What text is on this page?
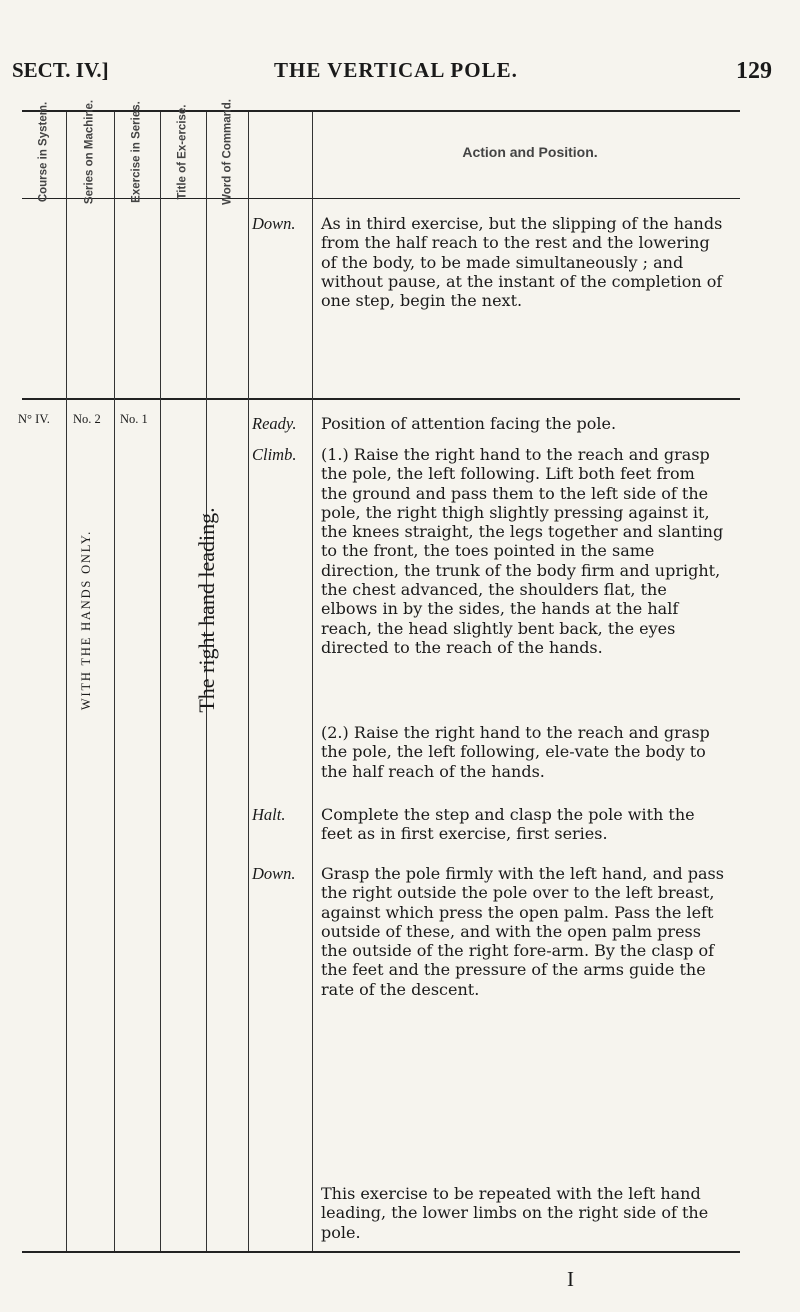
SECT. IV.]	THE VERTICAL POLE.	129
Course in System.	Series on Machine.	Exercise in Series.	Title of Ex-ercise.	Word of Command.	Action and Position.
Down. As in third exercise, but the slipping of the hands from the half reach to the rest and the lowering of the body, to be made simultaneously ; and without pause, at the instant of the completion of one step, begin the next.
N° IV. No. 2 No. 1
WITH THE HANDS ONLY.	The right hand leading.
Ready. Position of attention facing the pole.
Climb. (1.) Raise the right hand to the reach and grasp the pole, the left following. Lift both feet from the ground and pass them to the left side of the pole, the right thigh slightly pressing against it, the knees straight, the legs together and slanting to the front, the toes pointed in the same direction, the trunk of the body firm and upright, the chest advanced, the shoulders flat, the elbows in by the sides, the hands at the half reach, the head slightly bent back, the eyes directed to the reach of the hands.
(2.) Raise the right hand to the reach and grasp the pole, the left following, ele-vate the body to the half reach of the hands.
Halt. Complete the step and clasp the pole with the feet as in first exercise, first series.
Down. Grasp the pole firmly with the left hand, and pass the right outside the pole over to the left breast, against which press the open palm. Pass the left outside of these, and with the open palm press the outside of the right fore-arm. By the clasp of the feet and the pressure of the arms guide the rate of the descent.
This exercise to be repeated with the left hand leading, the lower limbs on the right side of the pole.
I
